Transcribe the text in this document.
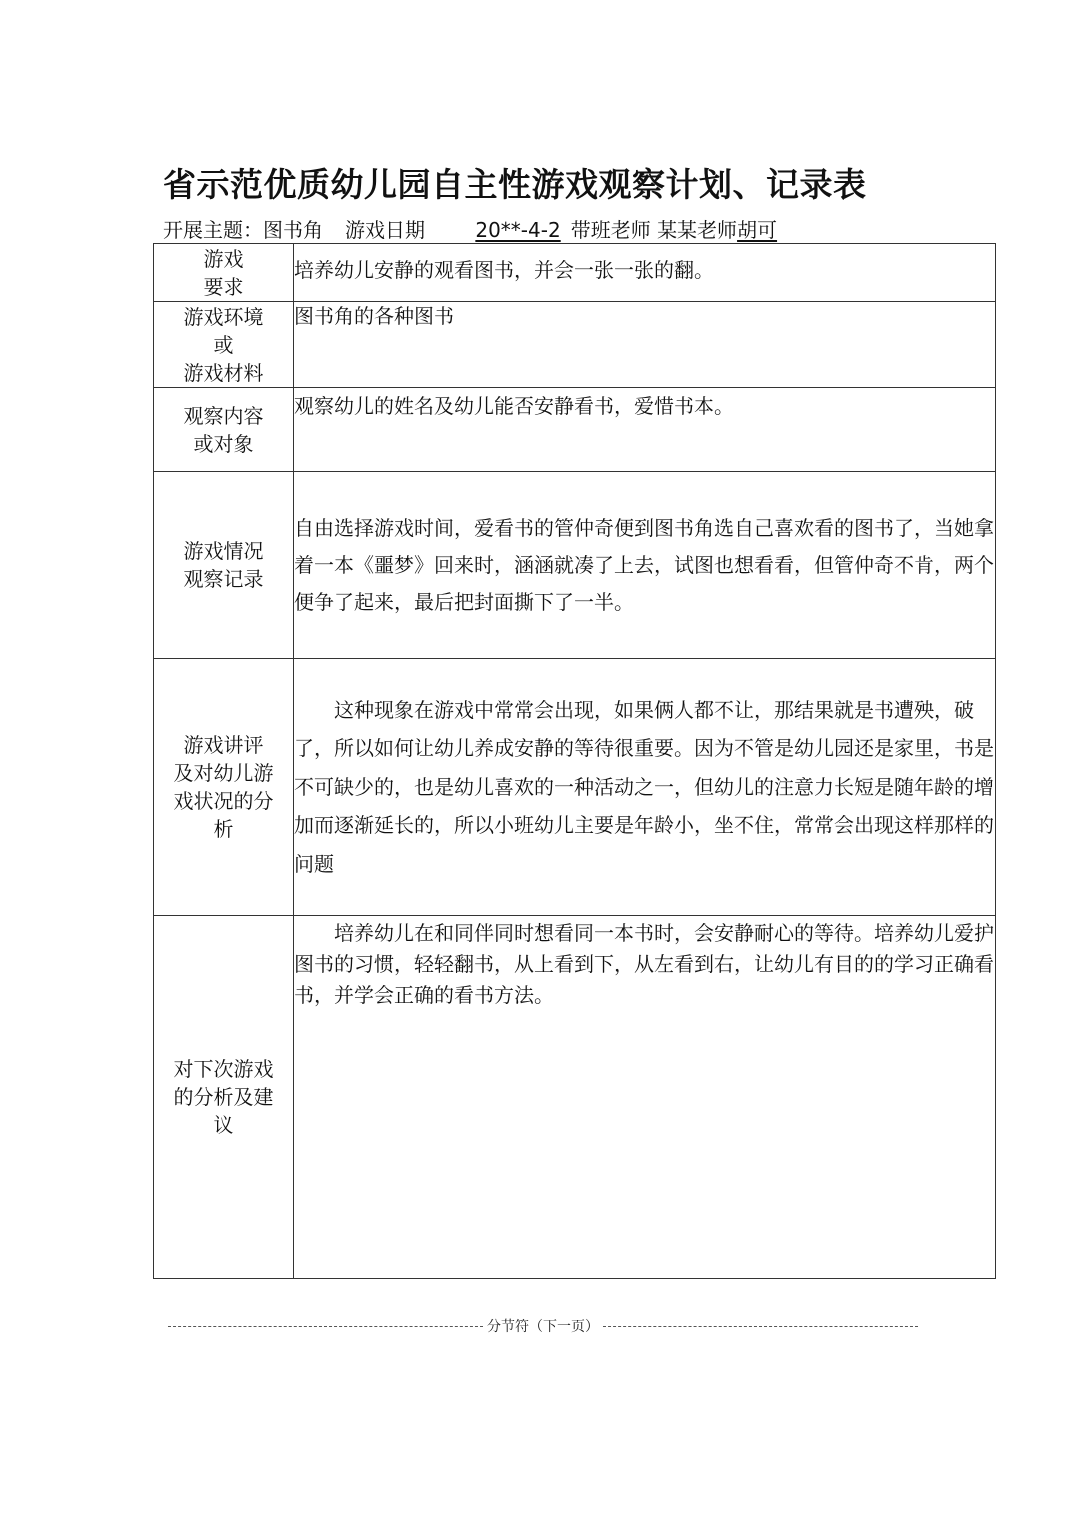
省示范优质幼儿园自主性游戏观察计划、记录表
开展主题：图书角 游戏日期	20**-4-2 带班老师 某某老师胡可
游戏
要求	培养幼儿安静的观看图书，并会一张一张的翻。

游戏环境
或
游戏材料	图书角的各种图书

观察内容
或对象	观察幼儿的姓名及幼儿能否安静看书，爱惜书本。

游戏情况
观察记录	自由选择游戏时间，爱看书的管仲奇便到图书角选自己喜欢看的图书了，当她拿着一本《噩梦》回来时，涵涵就凑了上去，试图也想看看，但管仲奇不肯，两个便争了起来，最后把封面撕下了一半。

游戏讲评
及对幼儿游
戏状况的分
析	这种现象在游戏中常常会出现，如果俩人都不让，那结果就是书遭殃，破了，所以如何让幼儿养成安静的等待很重要。因为不管是幼儿园还是家里，书是不可缺少的，也是幼儿喜欢的一种活动之一，但幼儿的注意力长短是随年龄的增加而逐渐延长的，所以小班幼儿主要是年龄小，坐不住，常常会出现这样那样的问题

对下次游戏
的分析及建
议	培养幼儿在和同伴同时想看同一本书时，会安静耐心的等待。培养幼儿爱护图书的习惯，轻轻翻书，从上看到下，从左看到右，让幼儿有目的的学习正确看书，并学会正确的看书方法。
分节符（下一页）
